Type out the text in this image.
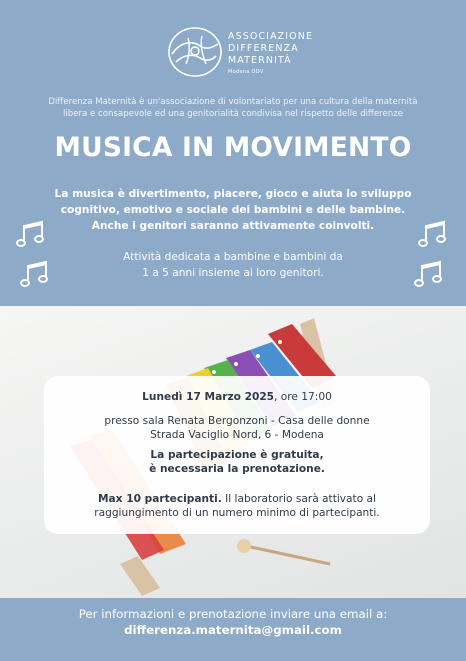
ASSOCIAZIONE
DIFFERENZA
MATERNITÀ
Modena ODV
Differenza Maternità è un'associazione di volontariato per una cultura della maternità
libera e consapevole ed una genitorialità condivisa nel rispetto delle differenze
MUSICA IN MOVIMENTO
La musica è divertimento, piacere, gioco e aiuta lo sviluppo
cognitivo, emotivo e sociale dei bambini e delle bambine.
Anche i genitori saranno attivamente coinvolti.
Attività dedicata a bambine e bambini da
1 a 5 anni insieme ai loro genitori.
Lunedì 17 Marzo 2025, ore 17:00
presso sala Renata Bergonzoni - Casa delle donne
Strada Vaciglio Nord, 6 - Modena
La partecipazione è gratuita,
è necessaria la prenotazione.
Max 10 partecipanti. Il laboratorio sarà attivato al
raggiungimento di un numero minimo di partecipanti.
Per informazioni e prenotazione inviare una email a:
differenza.maternita@gmail.com
